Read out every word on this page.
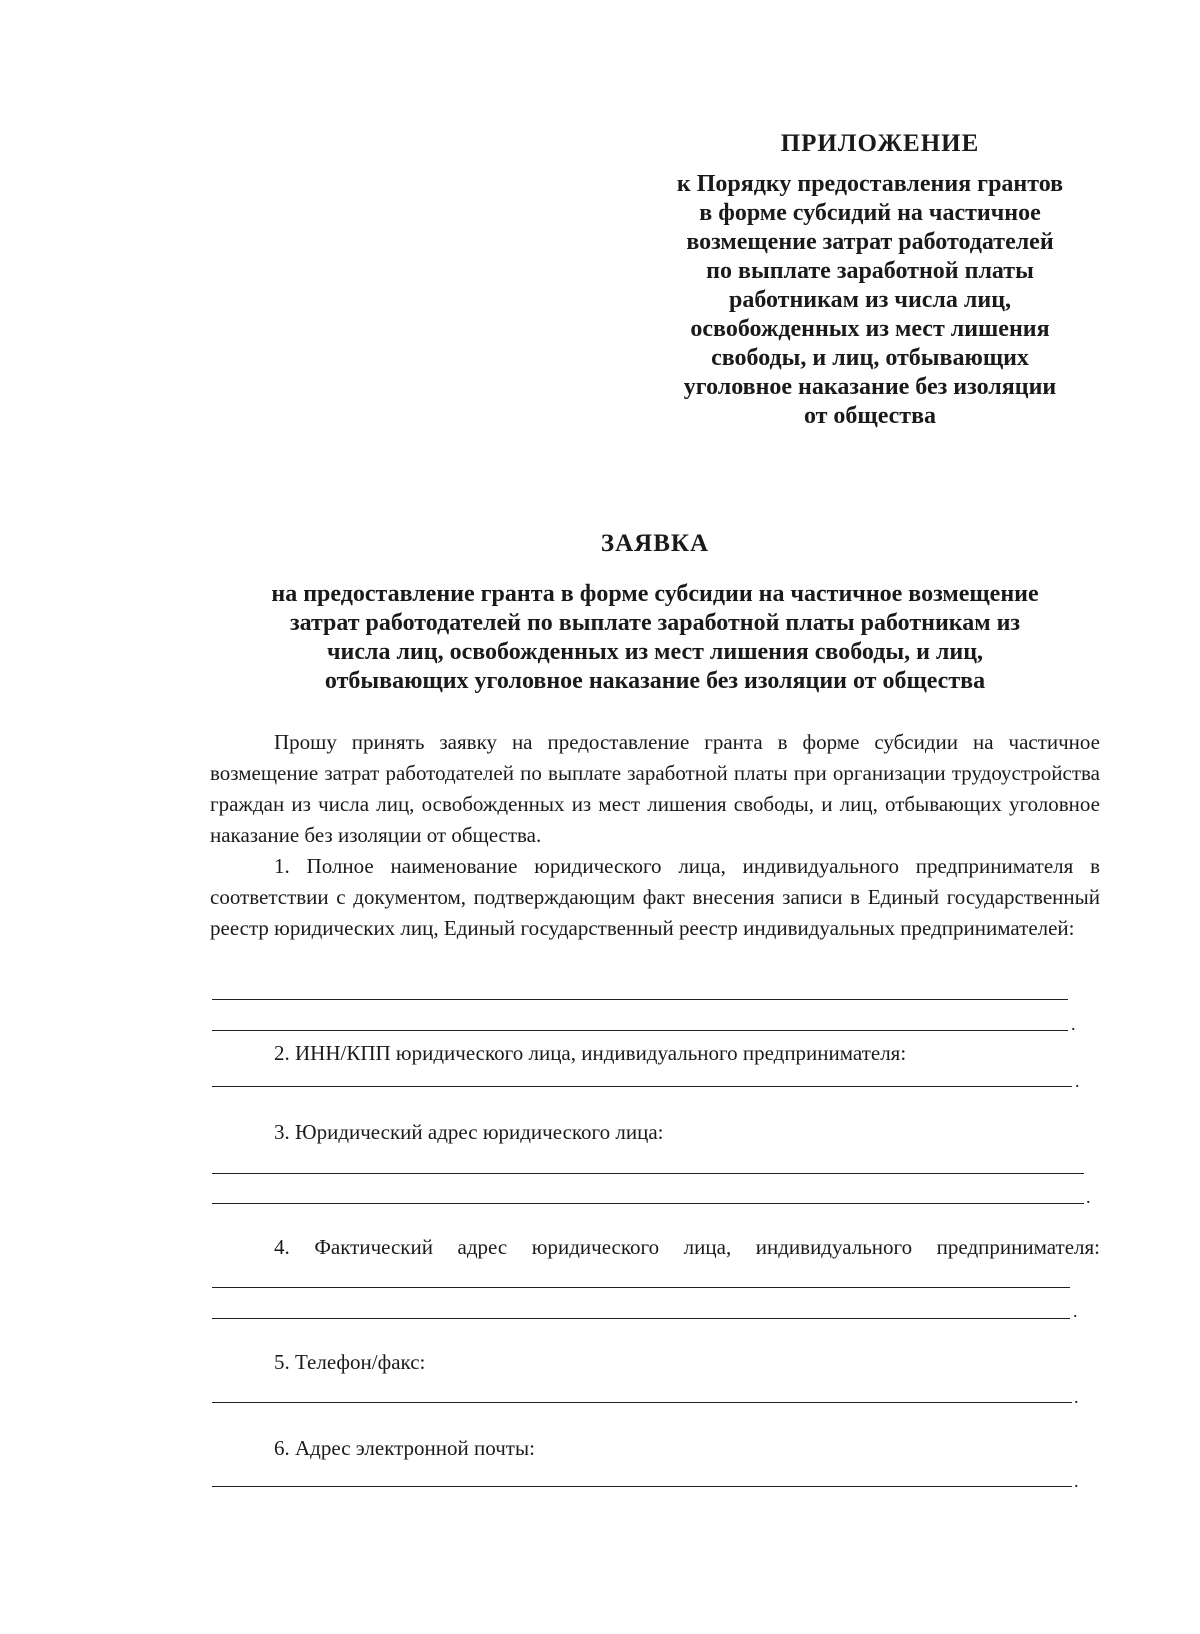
ПРИЛОЖЕНИЕ
к Порядку предоставления грантов
в форме субсидий на частичное
возмещение затрат работодателей
по выплате заработной платы
работникам из числа лиц,
освобожденных из мест лишения
свободы, и лиц, отбывающих
уголовное наказание без изоляции
от общества
ЗАЯВКА
на предоставление гранта в форме субсидии на частичное возмещение
затрат работодателей по выплате заработной платы работникам из
числа лиц, освобожденных из мест лишения свободы, и лиц,
отбывающих уголовное наказание без изоляции от общества
Прошу принять заявку на предоставление гранта в форме субсидии на частичное возмещение затрат работодателей по выплате заработной платы при организации трудоустройства граждан из числа лиц, освобожденных из мест лишения свободы, и лиц, отбывающих уголовное наказание без изоляции от общества.
1. Полное наименование юридического лица, индивидуального предпринимателя в соответствии с документом, подтверждающим факт внесения записи в Единый государственный реестр юридических лиц, Единый государственный реестр индивидуальных предпринимателей:
.
2. ИНН/КПП юридического лица, индивидуального предпринимателя:
.
3. Юридический адрес юридического лица:
.
4. Фактический адрес юридического лица, индивидуального предпринимателя:
.
5. Телефон/факс:
.
6. Адрес электронной почты:
.
